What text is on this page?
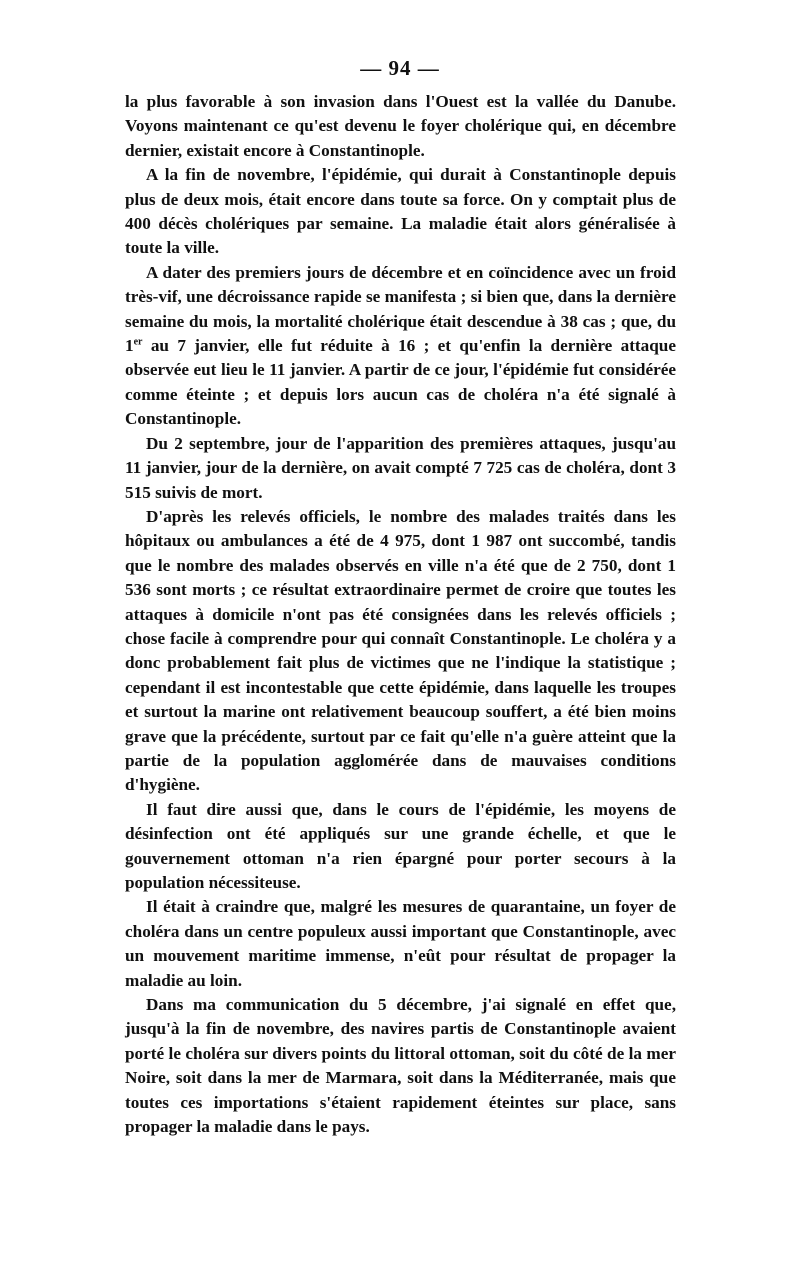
— 94 —

la plus favorable à son invasion dans l'Ouest est la vallée du Danube. Voyons maintenant ce qu'est devenu le foyer cholérique qui, en décembre dernier, existait encore à Constantinople.

A la fin de novembre, l'épidémie, qui durait à Constantinople depuis plus de deux mois, était encore dans toute sa force. On y comptait plus de 400 décès cholériques par semaine. La maladie était alors généralisée à toute la ville.

A dater des premiers jours de décembre et en coïncidence avec un froid très-vif, une décroissance rapide se manifesta ; si bien que, dans la dernière semaine du mois, la mortalité cholérique était descendue à 38 cas ; que, du 1er au 7 janvier, elle fut réduite à 16 ; et qu'enfin la dernière attaque observée eut lieu le 11 janvier. A partir de ce jour, l'épidémie fut considérée comme éteinte ; et depuis lors aucun cas de choléra n'a été signalé à Constantinople.

Du 2 septembre, jour de l'apparition des premières attaques, jusqu'au 11 janvier, jour de la dernière, on avait compté 7 725 cas de choléra, dont 3 515 suivis de mort.

D'après les relevés officiels, le nombre des malades traités dans les hôpitaux ou ambulances a été de 4 975, dont 1 987 ont succombé, tandis que le nombre des malades observés en ville n'a été que de 2 750, dont 1 536 sont morts ; ce résultat extraordinaire permet de croire que toutes les attaques à domicile n'ont pas été consignées dans les relevés officiels ; chose facile à comprendre pour qui connaît Constantinople. Le choléra y a donc probablement fait plus de victimes que ne l'indique la statistique ; cependant il est incontestable que cette épidémie, dans laquelle les troupes et surtout la marine ont relativement beaucoup souffert, a été bien moins grave que la précédente, surtout par ce fait qu'elle n'a guère atteint que la partie de la population agglomérée dans de mauvaises conditions d'hygiène.

Il faut dire aussi que, dans le cours de l'épidémie, les moyens de désinfection ont été appliqués sur une grande échelle, et que le gouvernement ottoman n'a rien épargné pour porter secours à la population nécessiteuse.

Il était à craindre que, malgré les mesures de quarantaine, un foyer de choléra dans un centre populeux aussi important que Constantinople, avec un mouvement maritime immense, n'eût pour résultat de propager la maladie au loin.

Dans ma communication du 5 décembre, j'ai signalé en effet que, jusqu'à la fin de novembre, des navires partis de Constantinople avaient porté le choléra sur divers points du littoral ottoman, soit du côté de la mer Noire, soit dans la mer de Marmara, soit dans la Méditerranée, mais que toutes ces importations s'étaient rapidement éteintes sur place, sans propager la maladie dans le pays.
